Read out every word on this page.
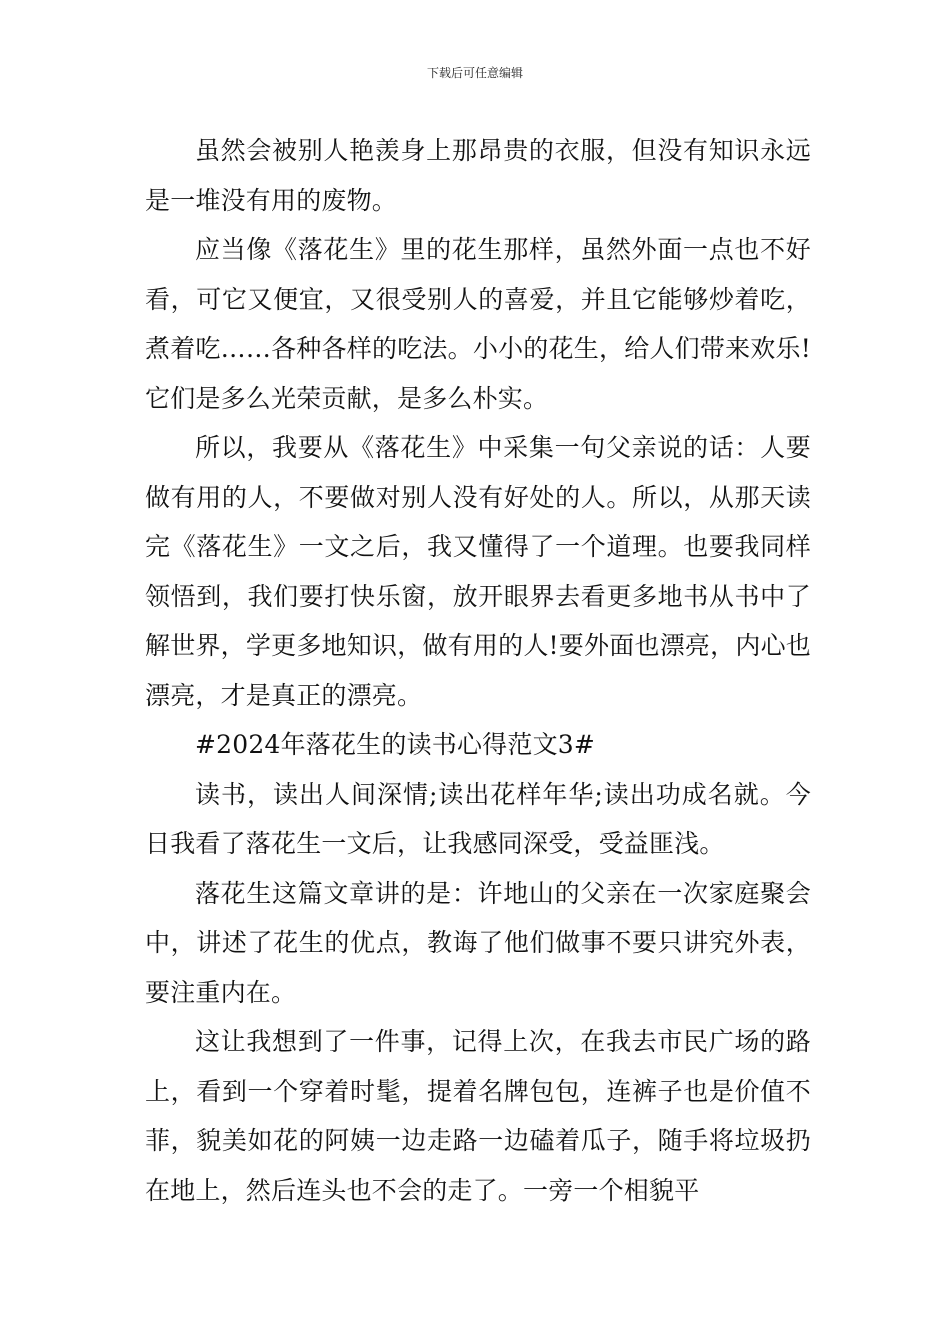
下载后可任意编辑

虽然会被别人艳羡身上那昂贵的衣服，但没有知识永远是一堆没有用的废物。

应当像《落花生》里的花生那样，虽然外面一点也不好看，可它又便宜，又很受别人的喜爱，并且它能够炒着吃，煮着吃……各种各样的吃法。小小的花生，给人们带来欢乐!它们是多么光荣贡献，是多么朴实。

所以，我要从《落花生》中采集一句父亲说的话：人要做有用的人，不要做对别人没有好处的人。所以，从那天读完《落花生》一文之后，我又懂得了一个道理。也要我同样领悟到，我们要打快乐窗，放开眼界去看更多地书从书中了解世界，学更多地知识，做有用的人!要外面也漂亮，内心也漂亮，才是真正的漂亮。

#2024年落花生的读书心得范文3#

读书，读出人间深情;读出花样年华;读出功成名就。今日我看了落花生一文后，让我感同深受，受益匪浅。

落花生这篇文章讲的是：许地山的父亲在一次家庭聚会中，讲述了花生的优点，教诲了他们做事不要只讲究外表，要注重内在。

这让我想到了一件事，记得上次，在我去市民广场的路上，看到一个穿着时髦，提着名牌包包，连裤子也是价值不菲，貌美如花的阿姨一边走路一边磕着瓜子，随手将垃圾扔在地上，然后连头也不会的走了。一旁一个相貌平
